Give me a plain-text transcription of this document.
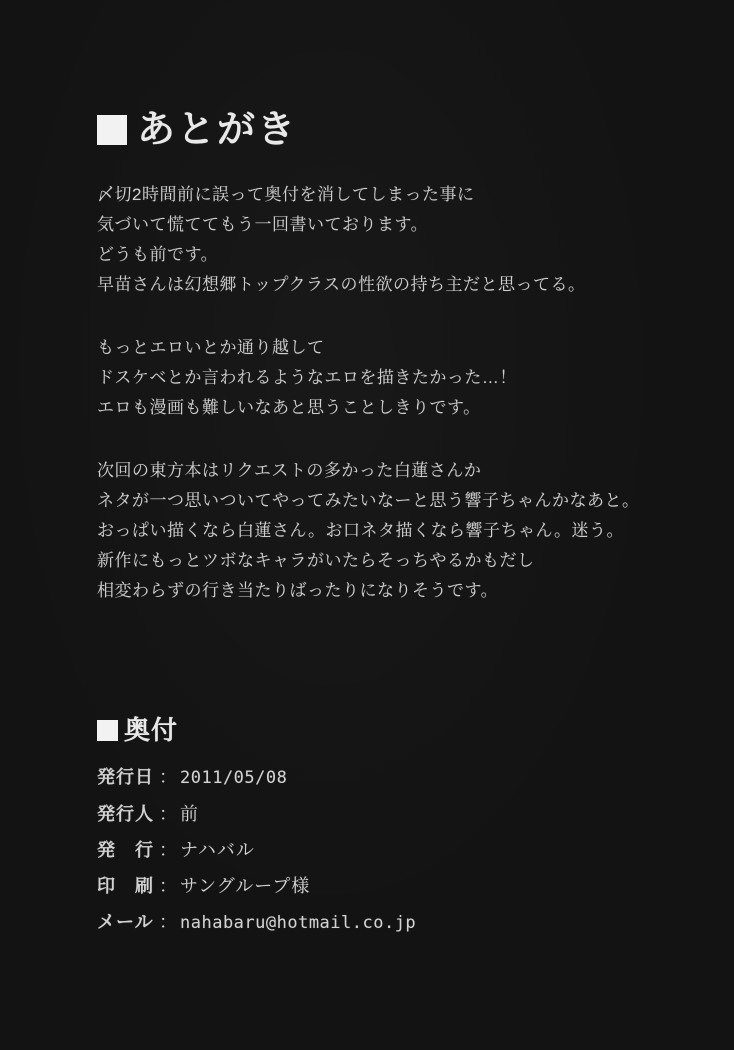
あとがき
〆切2時間前に誤って奥付を消してしまった事に
気づいて慌ててもう一回書いております。
どうも前です。
早苗さんは幻想郷トップクラスの性欲の持ち主だと思ってる。
もっとエロいとか通り越して
ドスケベとか言われるようなエロを描きたかった…！
エロも漫画も難しいなあと思うことしきりです。
次回の東方本はリクエストの多かった白蓮さんか
ネタが一つ思いついてやってみたいなーと思う響子ちゃんかなあと。
おっぱい描くなら白蓮さん。お口ネタ描くなら響子ちゃん。迷う。
新作にもっとツボなキャラがいたらそっちやるかもだし
相変わらずの行き当たりばったりになりそうです。
奥付
発行日 ： 2011/05/08
発行人 ： 前
発　行 ： ナハバル
印　刷 ： サングループ様
メール ： nahabaru@hotmail.co.jp
